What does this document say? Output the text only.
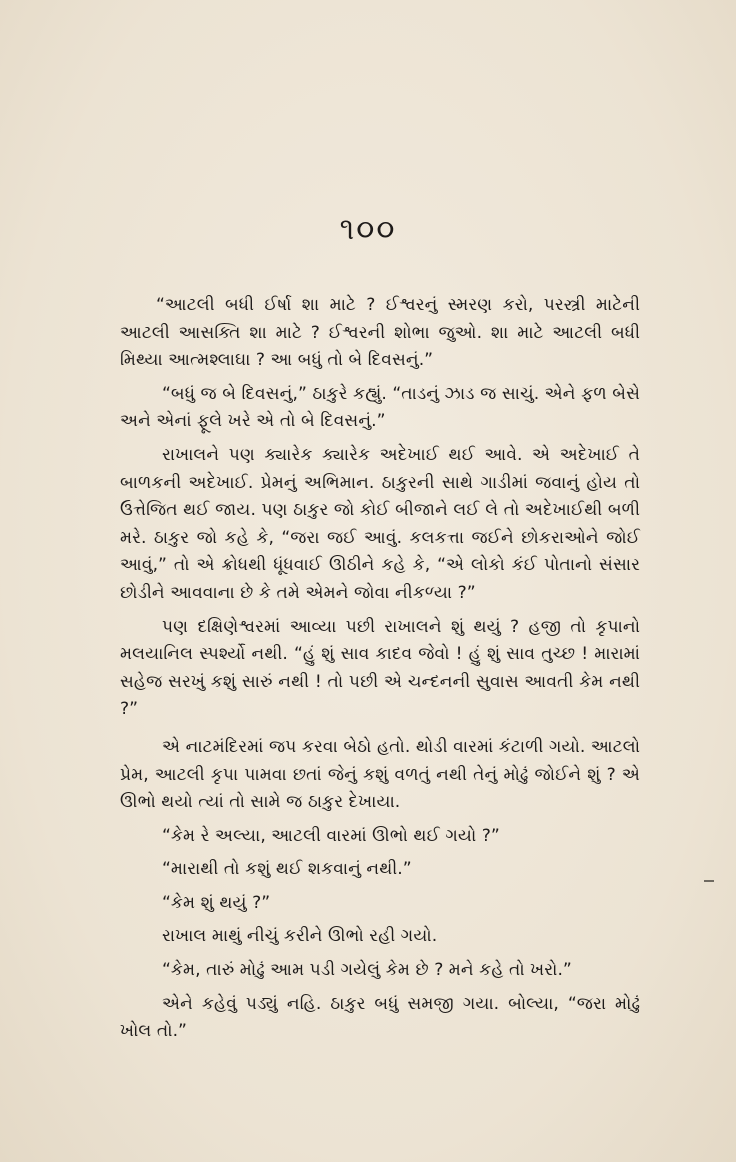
૧૦૦

“આટલી બધી ઈર્ષા શા માટે ? ઈશ્વરનું સ્મરણ કરો, પરસ્ત્રી માટેની આટલી આસક્તિ શા માટે ? ઈશ્વરની શોભા જુઓ. શા માટે આટલી બધી મિથ્યા આત્મશ્લાઘા ? આ બધું તો બે દિવસનું.”

“બધું જ બે દિવસનું,” ઠાકુરે કહ્યું. “તાડનું ઝાડ જ સાચું. એને ફળ બેસે અને એનાં ફૂલે ખરે એ તો બે દિવસનું.”

રાખાલને પણ ક્યારેક ક્યારેક અદેખાઈ થઈ આવે. એ અદેખાઈ તે બાળકની અદેખાઈ. પ્રેમનું અભિમાન. ઠાકુરની સાથે ગાડીમાં જવાનું હોય તો ઉત્તેજિત થઈ જાય. પણ ઠાકુર જો કોઈ બીજાને લઈ લે તો અદેખાઈથી બળી મરે. ઠાકુર જો કહે કે, “જરા જઈ આવું. કલકત્તા જઈને છોકરાઓને જોઈ આવું,” તો એ ક્રોધથી ધૂંધવાઈ ઊઠીને કહે કે, “એ લોકો કંઈ પોતાનો સંસાર છોડીને આવવાના છે કે તમે એમને જોવા નીકળ્યા ?”

પણ દક્ષિણેશ્વરમાં આવ્યા પછી રાખાલને શું થયું ? હજી તો કૃપાનો મલયાનિલ સ્પર્શ્યો નથી. “હું શું સાવ કાદવ જેવો ! હું શું સાવ તુચ્છ ! મારામાં સહેજ સરખું કશું સારું નથી ! તો પછી એ ચન્દનની સુવાસ આવતી કેમ નથી ?”

એ નાટમંદિરમાં જપ કરવા બેઠો હતો. થોડી વારમાં કંટાળી ગયો. આટલો પ્રેમ, આટલી કૃપા પામવા છતાં જેનું કશું વળતું નથી તેનું મોઢું જોઈને શું ? એ ઊભો થયો ત્યાં તો સામે જ ઠાકુર દેખાયા.

“કેમ રે અલ્યા, આટલી વારમાં ઊભો થઈ ગયો ?”

“મારાથી તો કશું થઈ શકવાનું નથી.”

“કેમ શું થયું ?”

રાખાલ માથું નીચું કરીને ઊભો રહી ગયો.

“કેમ, તારું મોઢું આમ પડી ગયેલું કેમ છે ? મને કહે તો ખરો.”

એને કહેવું પડ્યું નહિ. ઠાકુર બધું સમજી ગયા. બોલ્યા, “જરા મોઢું ખોલ તો.”
